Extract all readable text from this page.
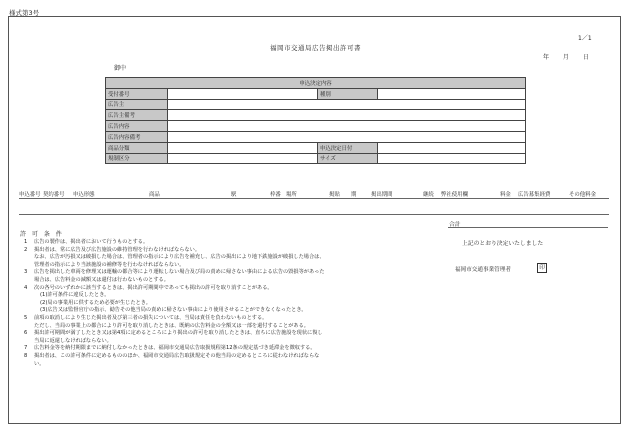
様式第3号
1／1
福岡市交通局広告掲出許可書
年 月 日
御中
申込決定内容			
受付番号		種別	
広告主			
広告主備考			
広告内容			
広告内容備考			
商品分類		申込決定日付	
規制区分		サイズ	
申込番号 契約番号 申込形態	商品	駅	枠番 場所	掲貼 期	掲出期間	継続 弊社使用欄	料金 広告募集経費	その他料金
合計
上記のとおり決定いたしました
福岡市交通事業管理者	印
許 可 条 件
1	広告の製作は、掲出者において行うものとする。
2	掲出者は、常に広告及び広告施設の維持管理を行わなければならない。
なお、広告が汚損又は破損した場合は、管理者の指示により広告を補充し、広告の掲出により地下鉄施設が破損した場合は、
管理者の指示により当該施設の補修等を行わなければならない。
3	広告を掲出した車両を修理又は運輸の都合等により運転しない場合及び局の責めに帰さない事由による広告の毀損等があった
場合は、広告料金の減額又は還付は行わないものとする。
4	次の各号のいずれかに該当するときは、掲出許可期間中であっても掲出の許可を取り消すことがある。
(1)許可条件に違反したとき。
(2)局の事業用に供するため必要が生じたとき。
(3)広告又は監督官庁の指示、勧告その他当局の責めに帰さない事由により使用させることができなくなったとき。
5	前項の取消しにより生じた掲出者及び第三者の損失については、当局は責任を負わないものとする。
ただし、当局の事業上の都合により許可を取り消したときは、既納の広告料金の全額又は一部を還付することがある。
6	掲出許可期間が満了したとき又は第4項に定めるところにより掲出の許可を取り消したときは、直ちに広告施設を現状に復し
当局に返還しなければならない。
7	広告料金等を納付期限までに納付しなかったときは、福岡市交通局広告取扱規程第12条の規定基づき延滞金を徴収する。
8	掲出者は、この許可条件に定めるもののほか、福岡市交通局広告取扱規定その他当局の定めるところに従わなければならな
い。
